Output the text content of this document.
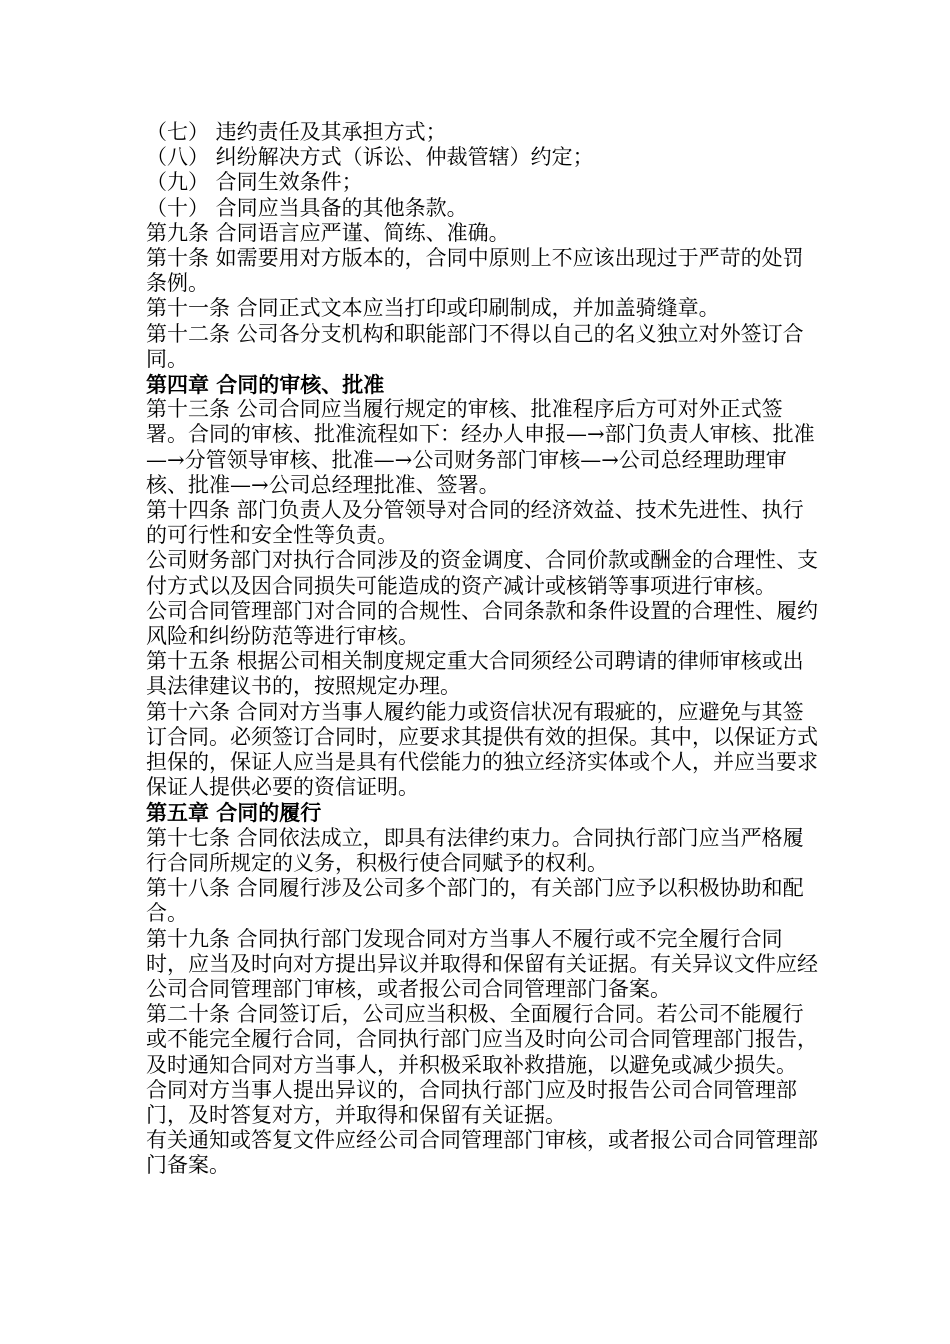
（七） 违约责任及其承担方式；

（八） 纠纷解决方式（诉讼、仲裁管辖）约定；

（九） 合同生效条件；

（十） 合同应当具备的其他条款。

第九条 合同语言应严谨、简练、准确。

第十条 如需要用对方版本的，合同中原则上不应该出现过于严苛的处罚条例。

第十一条 合同正式文本应当打印或印刷制成，并加盖骑缝章。

第十二条 公司各分支机构和职能部门不得以自己的名义独立对外签订合同。

第四章 合同的审核、批准

第十三条 公司合同应当履行规定的审核、批准程序后方可对外正式签署。合同的审核、批准流程如下：经办人申报—→部门负责人审核、批准—→分管领导审核、批准—→公司财务部门审核—→公司总经理助理审核、批准—→公司总经理批准、签署。

第十四条 部门负责人及分管领导对合同的经济效益、技术先进性、执行的可行性和安全性等负责。

公司财务部门对执行合同涉及的资金调度、合同价款或酬金的合理性、支付方式以及因合同损失可能造成的资产减计或核销等事项进行审核。

公司合同管理部门对合同的合规性、合同条款和条件设置的合理性、履约风险和纠纷防范等进行审核。

第十五条 根据公司相关制度规定重大合同须经公司聘请的律师审核或出具法律建议书的，按照规定办理。

第十六条 合同对方当事人履约能力或资信状况有瑕疵的，应避免与其签订合同。必须签订合同时，应要求其提供有效的担保。其中，以保证方式担保的，保证人应当是具有代偿能力的独立经济实体或个人，并应当要求保证人提供必要的资信证明。

第五章 合同的履行

第十七条 合同依法成立，即具有法律约束力。合同执行部门应当严格履行合同所规定的义务，积极行使合同赋予的权利。

第十八条 合同履行涉及公司多个部门的，有关部门应予以积极协助和配合。

第十九条 合同执行部门发现合同对方当事人不履行或不完全履行合同时，应当及时向对方提出异议并取得和保留有关证据。有关异议文件应经公司合同管理部门审核，或者报公司合同管理部门备案。

第二十条 合同签订后，公司应当积极、全面履行合同。若公司不能履行或不能完全履行合同，合同执行部门应当及时向公司合同管理部门报告，及时通知合同对方当事人，并积极采取补救措施，以避免或减少损失。

合同对方当事人提出异议的，合同执行部门应及时报告公司合同管理部门，及时答复对方，并取得和保留有关证据。

有关通知或答复文件应经公司合同管理部门审核，或者报公司合同管理部门备案。
